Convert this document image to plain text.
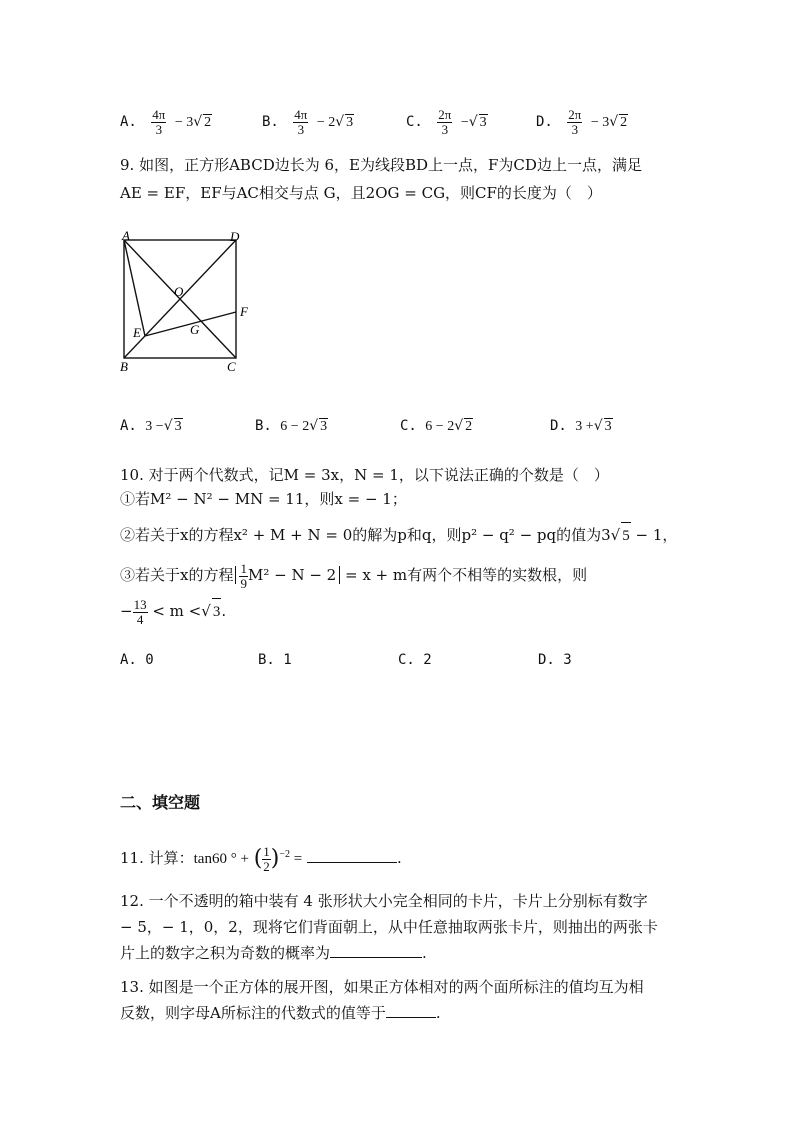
A. $\frac{4\pi}{3} - 3√$ 2	B. $\frac{4\pi}{3} - 2√$ 3	C. $\frac{2\pi}{3}$ −√ 3	D. $\frac{2\pi}{3} - 3√$ 2
9. 如图，正方形ABCD边长为 6，E为线段BD上一点，F为CD边上一点，满足
AE = EF，EF与AC相交与点 G，且2OG = CG，则CF的长度为（　）
A	D
B	C
O
E
F
G
A. 3 −√ 3	B. 6 − 2√ 3	C. 6 − 2√ 2	D. 3 +√ 3
10. 对于两个代数式，记M = 3x，N = 1，以下说法正确的个数是（　）
①若M² − N² − MN = 11，则x = − 1；
②若关于x的方程x² + M + N = 0的解为p和q，则p² − q² − pq的值为3√ 5 − 1，
③若关于x的方程 $\frac{1}{9} M^2 - N - 2 = x + m$有两个不相等的实数根，则
− $\frac{13}{4} < m$ <√ 3.
A. 0	B. 1	C. 2	D. 3
二、填空题
11. 计算：tan60 ° + ( $\frac{1}{2} )^{-2}$ =	.
12. 一个不透明的箱中装有 4 张形状大小完全相同的卡片，卡片上分别标有数字
− 5，− 1，0，2，现将它们背面朝上，从中任意抽取两张卡片，则抽出的两张卡
片上的数字之积为奇数的概率为	.
13. 如图是一个正方体的展开图，如果正方体相对的两个面所标注的值均互为相
反数，则字母A所标注的代数式的值等于	.
